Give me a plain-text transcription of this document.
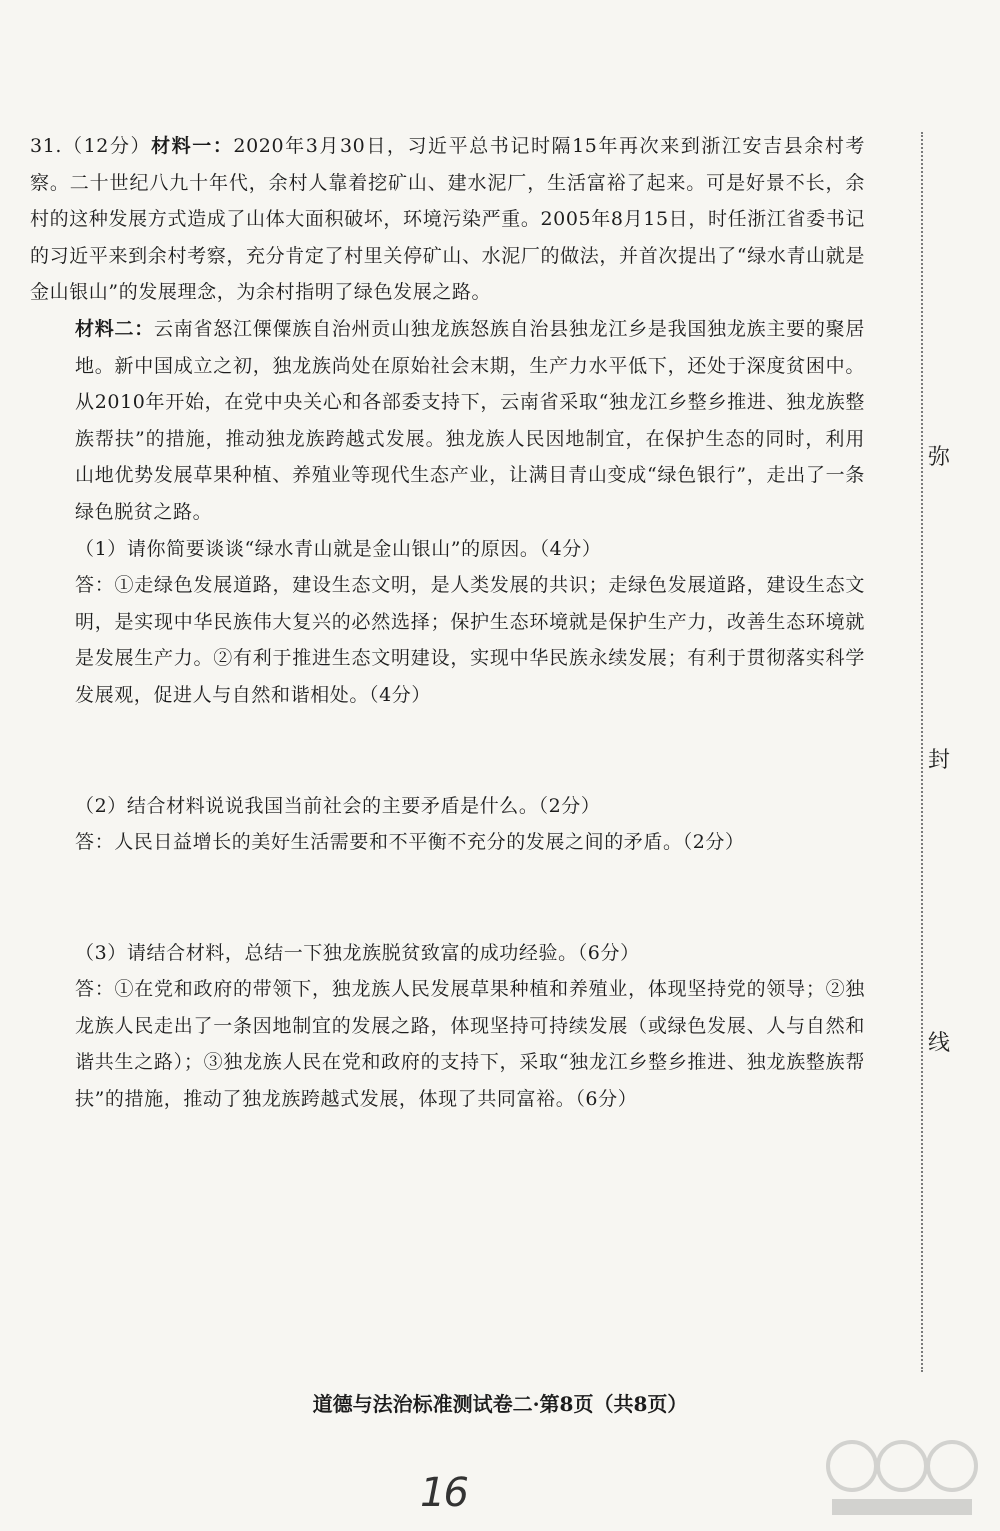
31.（12分）材料一：2020年3月30日，习近平总书记时隔15年再次来到浙江安吉县余村考察。二十世纪八九十年代，余村人靠着挖矿山、建水泥厂，生活富裕了起来。可是好景不长，余村的这种发展方式造成了山体大面积破坏，环境污染严重。2005年8月15日，时任浙江省委书记的习近平来到余村考察，充分肯定了村里关停矿山、水泥厂的做法，并首次提出了“绿水青山就是金山银山”的发展理念，为余村指明了绿色发展之路。

材料二：云南省怒江傈僳族自治州贡山独龙族怒族自治县独龙江乡是我国独龙族主要的聚居地。新中国成立之初，独龙族尚处在原始社会末期，生产力水平低下，还处于深度贫困中。从2010年开始，在党中央关心和各部委支持下，云南省采取“独龙江乡整乡推进、独龙族整族帮扶”的措施，推动独龙族跨越式发展。独龙族人民因地制宜，在保护生态的同时，利用山地优势发展草果种植、养殖业等现代生态产业，让满目青山变成“绿色银行”，走出了一条绿色脱贫之路。

（1）请你简要谈谈“绿水青山就是金山银山”的原因。（4分）

答：①走绿色发展道路，建设生态文明，是人类发展的共识；走绿色发展道路，建设生态文明，是实现中华民族伟大复兴的必然选择；保护生态环境就是保护生产力，改善生态环境就是发展生产力。②有利于推进生态文明建设，实现中华民族永续发展；有利于贯彻落实科学发展观，促进人与自然和谐相处。（4分）

（2）结合材料说说我国当前社会的主要矛盾是什么。（2分）

答：人民日益增长的美好生活需要和不平衡不充分的发展之间的矛盾。（2分）

（3）请结合材料，总结一下独龙族脱贫致富的成功经验。（6分）

答：①在党和政府的带领下，独龙族人民发展草果种植和养殖业，体现坚持党的领导；②独龙族人民走出了一条因地制宜的发展之路，体现坚持可持续发展（或绿色发展、人与自然和谐共生之路）；③独龙族人民在党和政府的支持下，采取“独龙江乡整乡推进、独龙族整族帮扶”的措施，推动了独龙族跨越式发展，体现了共同富裕。（6分）

弥
封
线
道德与法治标准测试卷二·第8页（共8页）
16
